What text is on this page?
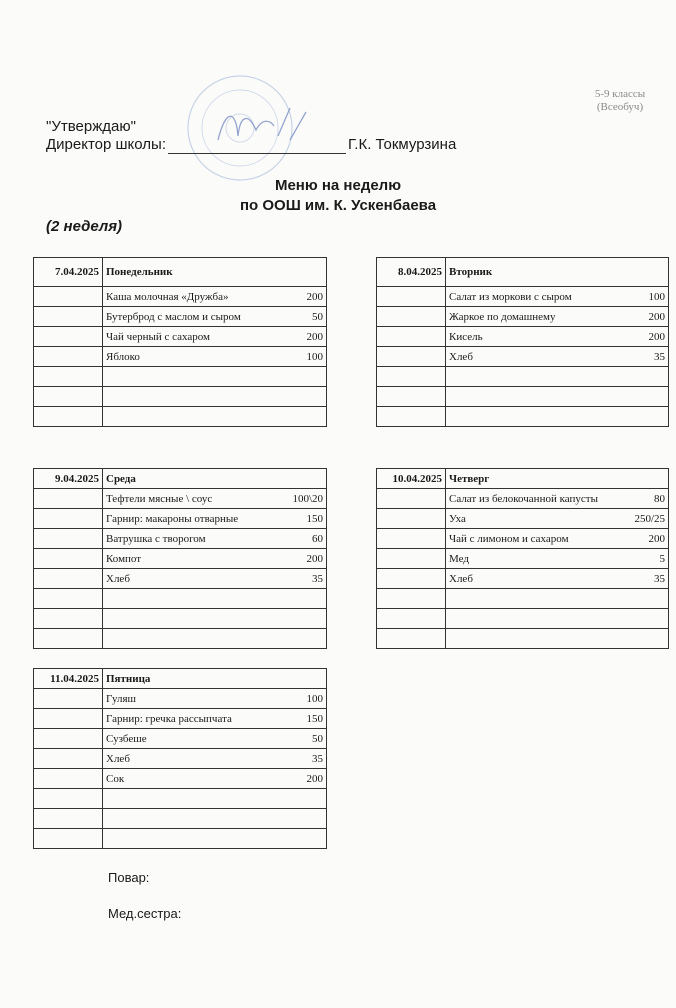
5-9 классы
(Всеобуч)
"Утверждаю"
Директор школы:	Г.К. Токмурзина
Меню на неделю
по ООШ им. К. Ускенбаева
(2 неделя)
7.04.2025	Понедельник

	Каша молочная «Дружба» 200

	Бутерброд с маслом и сыром 50

	Чай черный с сахаром 200

	Яблоко 100

8.04.2025	Вторник

	Салат из моркови с сыром 100

	Жаркое по домашнему 200

	Кисель 200

	Хлеб 35

9.04.2025	Среда

	Тефтели мясные \ соус 100\20

	Гарнир: макароны отварные 150

	Ватрушка с творогом 60

	Компот 200

	Хлеб 35

10.04.2025	Четверг

	Салат из белокочанной капусты 80

	Уха 250/25

	Чай с лимоном и сахаром 200

	Мед 5

	Хлеб 35

11.04.2025	Пятница

	Гуляш 100

	Гарнир: гречка рассыпчата 150

	Сузбеше 50

	Хлеб 35

	Сок 200

Повар:
Мед.сестра:
